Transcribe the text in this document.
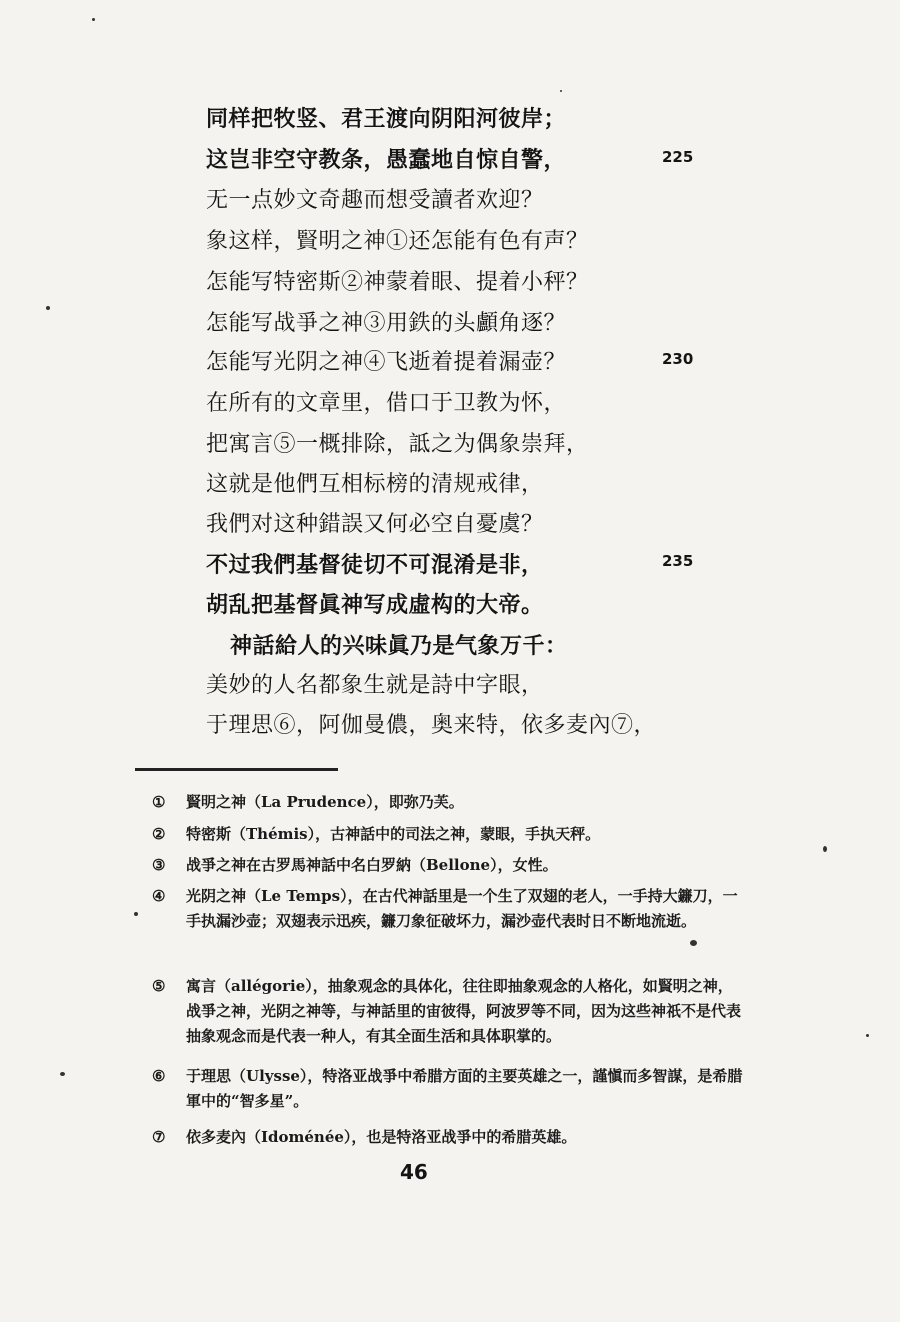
同样把牧竖、君王渡向阴阳河彼岸；
这岂非空守教条，愚蠢地自惊自警，
无一点妙文奇趣而想受讀者欢迎？
象这样，賢明之神①还怎能有色有声？
怎能写特密斯②神蒙着眼、提着小秤？
怎能写战爭之神③用鉄的头顱角逐？
怎能写光阴之神④飞逝着提着漏壶？
在所有的文章里，借口于卫教为怀，
把寓言⑤一概排除，詆之为偶象崇拜，
这就是他們互相标榜的清规戒律，
我們对这种錯誤又何必空自憂虞？
不过我們基督徒切不可混淆是非，
胡乱把基督眞神写成虛构的大帝。
神話給人的兴味眞乃是气象万千：
美妙的人名都象生就是詩中字眼，
于理思⑥，阿伽曼儂，奥来特，依多麦內⑦，
225
230
235
① 賢明之神（La Prudence），即弥乃芙。
② 特密斯（Thémis），古神話中的司法之神，蒙眼，手执天秤。
③ 战爭之神在古罗馬神話中名白罗納（Bellone），女性。
④ 光阴之神（Le Temps），在古代神話里是一个生了双翅的老人，一手持大鐮刀，一手执漏沙壶；双翅表示迅疾，鐮刀象征破坏力，漏沙壶代表时日不断地流逝。
⑤ 寓言（allégorie），抽象观念的具体化，往往即抽象观念的人格化，如賢明之神，战爭之神，光阴之神等，与神話里的宙彼得，阿波罗等不同，因为这些神祇不是代表抽象观念而是代表一种人，有其全面生活和具体职掌的。
⑥ 于理思（Ulysse），特洛亚战爭中希腊方面的主要英雄之一，謹愼而多智謀，是希腊軍中的“智多星”。
⑦ 依多麦內（Idoménée），也是特洛亚战爭中的希腊英雄。
46
